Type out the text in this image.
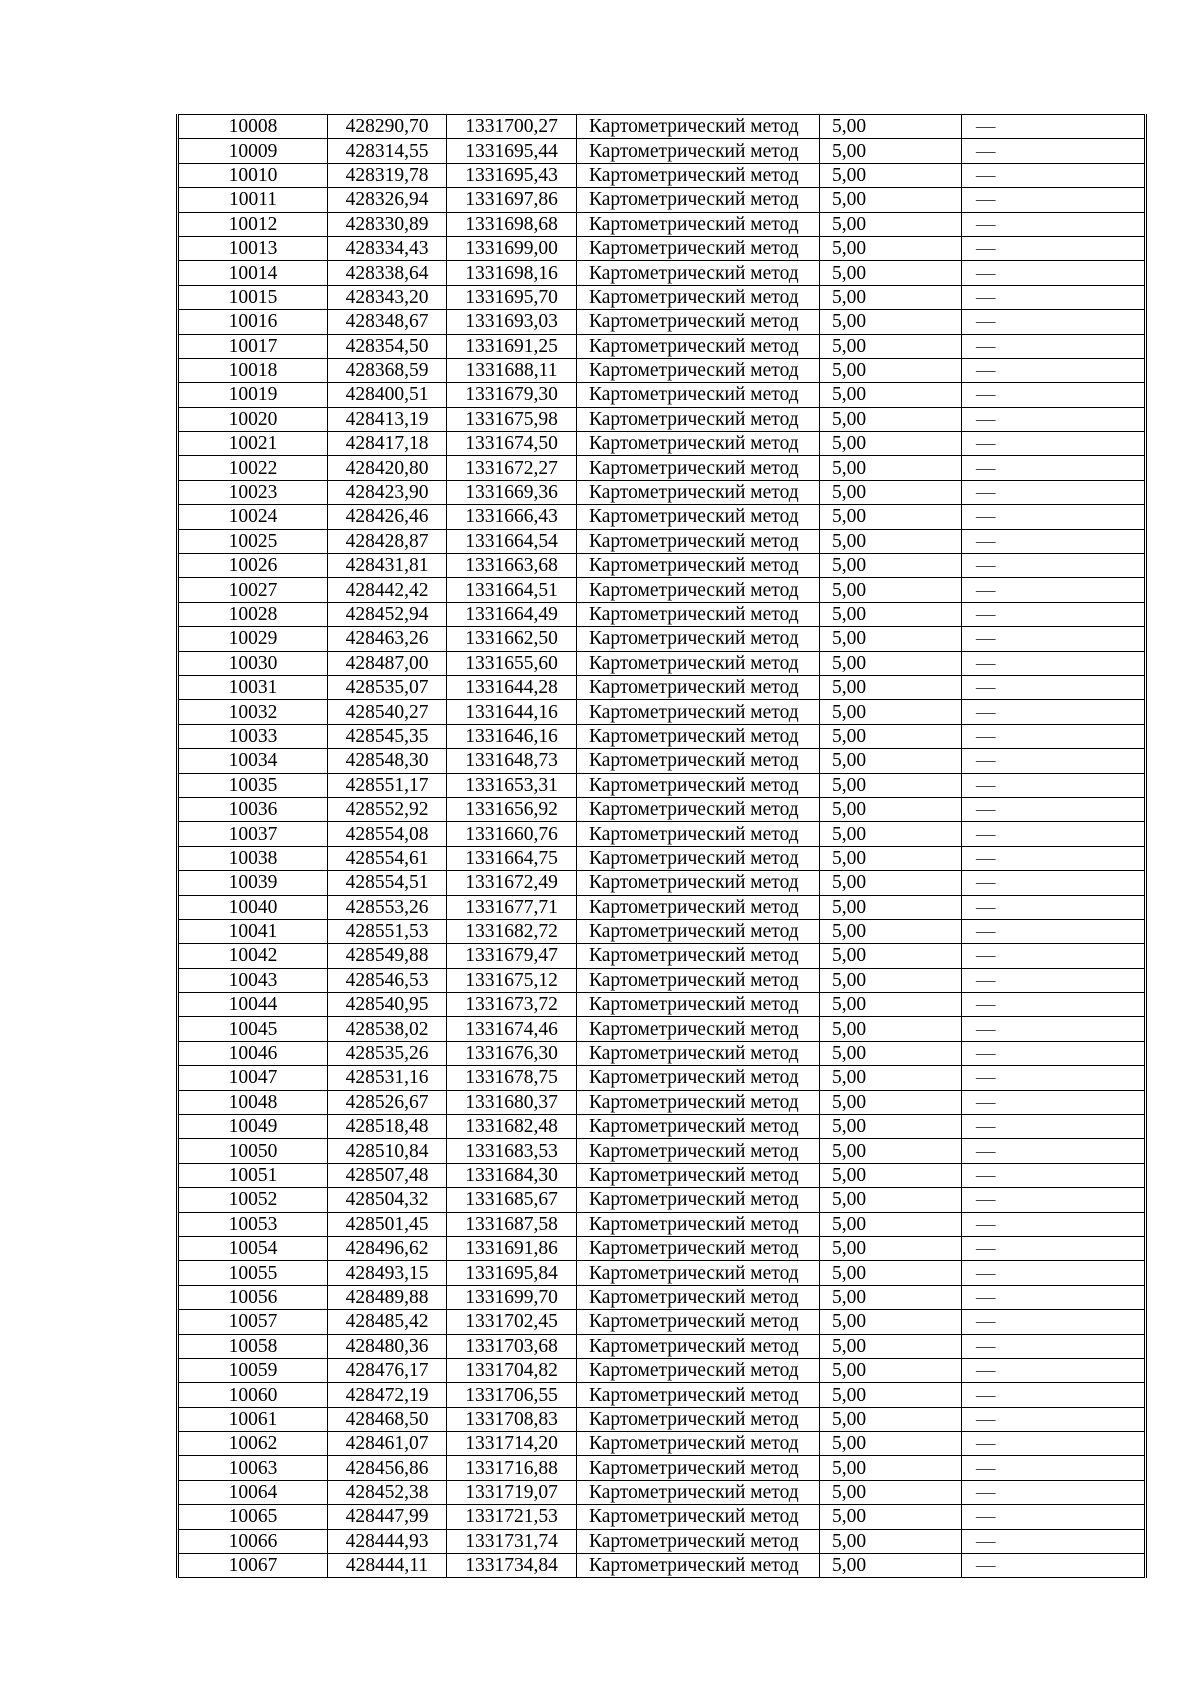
10008	428290,70	1331700,27	Картометрический метод	5,00	—
10009	428314,55	1331695,44	Картометрический метод	5,00	—
10010	428319,78	1331695,43	Картометрический метод	5,00	—
10011	428326,94	1331697,86	Картометрический метод	5,00	—
10012	428330,89	1331698,68	Картометрический метод	5,00	—
10013	428334,43	1331699,00	Картометрический метод	5,00	—
10014	428338,64	1331698,16	Картометрический метод	5,00	—
10015	428343,20	1331695,70	Картометрический метод	5,00	—
10016	428348,67	1331693,03	Картометрический метод	5,00	—
10017	428354,50	1331691,25	Картометрический метод	5,00	—
10018	428368,59	1331688,11	Картометрический метод	5,00	—
10019	428400,51	1331679,30	Картометрический метод	5,00	—
10020	428413,19	1331675,98	Картометрический метод	5,00	—
10021	428417,18	1331674,50	Картометрический метод	5,00	—
10022	428420,80	1331672,27	Картометрический метод	5,00	—
10023	428423,90	1331669,36	Картометрический метод	5,00	—
10024	428426,46	1331666,43	Картометрический метод	5,00	—
10025	428428,87	1331664,54	Картометрический метод	5,00	—
10026	428431,81	1331663,68	Картометрический метод	5,00	—
10027	428442,42	1331664,51	Картометрический метод	5,00	—
10028	428452,94	1331664,49	Картометрический метод	5,00	—
10029	428463,26	1331662,50	Картометрический метод	5,00	—
10030	428487,00	1331655,60	Картометрический метод	5,00	—
10031	428535,07	1331644,28	Картометрический метод	5,00	—
10032	428540,27	1331644,16	Картометрический метод	5,00	—
10033	428545,35	1331646,16	Картометрический метод	5,00	—
10034	428548,30	1331648,73	Картометрический метод	5,00	—
10035	428551,17	1331653,31	Картометрический метод	5,00	—
10036	428552,92	1331656,92	Картометрический метод	5,00	—
10037	428554,08	1331660,76	Картометрический метод	5,00	—
10038	428554,61	1331664,75	Картометрический метод	5,00	—
10039	428554,51	1331672,49	Картометрический метод	5,00	—
10040	428553,26	1331677,71	Картометрический метод	5,00	—
10041	428551,53	1331682,72	Картометрический метод	5,00	—
10042	428549,88	1331679,47	Картометрический метод	5,00	—
10043	428546,53	1331675,12	Картометрический метод	5,00	—
10044	428540,95	1331673,72	Картометрический метод	5,00	—
10045	428538,02	1331674,46	Картометрический метод	5,00	—
10046	428535,26	1331676,30	Картометрический метод	5,00	—
10047	428531,16	1331678,75	Картометрический метод	5,00	—
10048	428526,67	1331680,37	Картометрический метод	5,00	—
10049	428518,48	1331682,48	Картометрический метод	5,00	—
10050	428510,84	1331683,53	Картометрический метод	5,00	—
10051	428507,48	1331684,30	Картометрический метод	5,00	—
10052	428504,32	1331685,67	Картометрический метод	5,00	—
10053	428501,45	1331687,58	Картометрический метод	5,00	—
10054	428496,62	1331691,86	Картометрический метод	5,00	—
10055	428493,15	1331695,84	Картометрический метод	5,00	—
10056	428489,88	1331699,70	Картометрический метод	5,00	—
10057	428485,42	1331702,45	Картометрический метод	5,00	—
10058	428480,36	1331703,68	Картометрический метод	5,00	—
10059	428476,17	1331704,82	Картометрический метод	5,00	—
10060	428472,19	1331706,55	Картометрический метод	5,00	—
10061	428468,50	1331708,83	Картометрический метод	5,00	—
10062	428461,07	1331714,20	Картометрический метод	5,00	—
10063	428456,86	1331716,88	Картометрический метод	5,00	—
10064	428452,38	1331719,07	Картометрический метод	5,00	—
10065	428447,99	1331721,53	Картометрический метод	5,00	—
10066	428444,93	1331731,74	Картометрический метод	5,00	—
10067	428444,11	1331734,84	Картометрический метод	5,00	—
